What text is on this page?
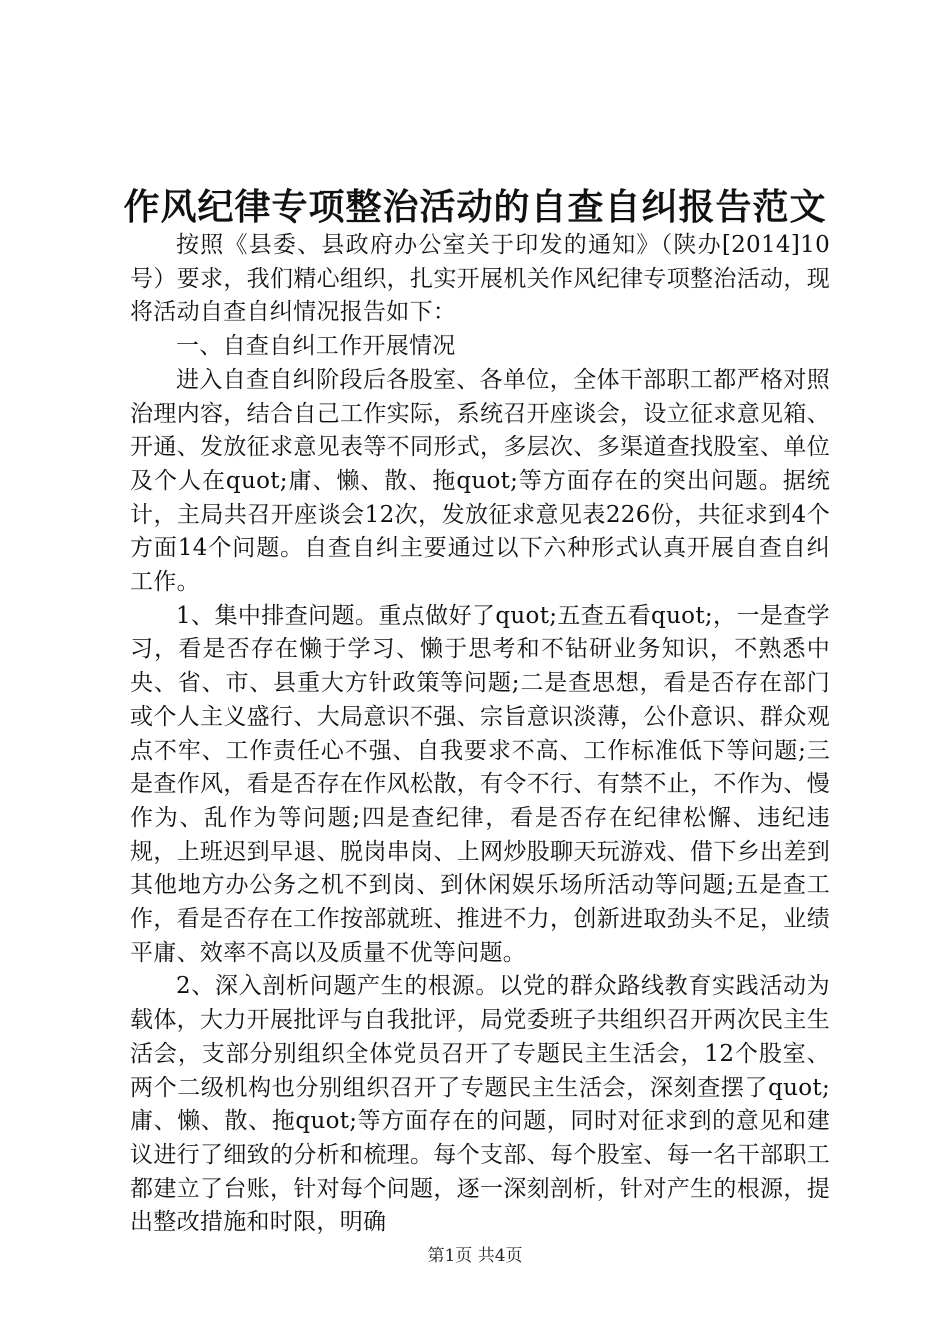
作风纪律专项整治活动的自查自纠报告范文

按照《县委、县政府办公室关于印发的通知》（陕办[2014]10号）要求，我们精心组织，扎实开展机关作风纪律专项整治活动，现将活动自查自纠情况报告如下：

一、自查自纠工作开展情况

进入自查自纠阶段后各股室、各单位，全体干部职工都严格对照治理内容，结合自己工作实际，系统召开座谈会，设立征求意见箱、开通、发放征求意见表等不同形式，多层次、多渠道查找股室、单位及个人在quot;庸、懒、散、拖quot;等方面存在的突出问题。据统计，主局共召开座谈会12次，发放征求意见表226份，共征求到4个方面14个问题。自查自纠主要通过以下六种形式认真开展自查自纠工作。

1、集中排查问题。重点做好了quot;五查五看quot;，一是查学习，看是否存在懒于学习、懒于思考和不钻研业务知识，不熟悉中央、省、市、县重大方针政策等问题;二是查思想，看是否存在部门或个人主义盛行、大局意识不强、宗旨意识淡薄，公仆意识、群众观点不牢、工作责任心不强、自我要求不高、工作标准低下等问题;三是查作风，看是否存在作风松散，有令不行、有禁不止，不作为、慢作为、乱作为等问题;四是查纪律，看是否存在纪律松懈、违纪违规，上班迟到早退、脱岗串岗、上网炒股聊天玩游戏、借下乡出差到其他地方办公务之机不到岗、到休闲娱乐场所活动等问题;五是查工作，看是否存在工作按部就班、推进不力，创新进取劲头不足，业绩平庸、效率不高以及质量不优等问题。

2、深入剖析问题产生的根源。以党的群众路线教育实践活动为载体，大力开展批评与自我批评，局党委班子共组织召开两次民主生活会，支部分别组织全体党员召开了专题民主生活会，12个股室、两个二级机构也分别组织召开了专题民主生活会，深刻查摆了quot;庸、懒、散、拖quot;等方面存在的问题，同时对征求到的意见和建议进行了细致的分析和梳理。每个支部、每个股室、每一名干部职工都建立了台账，针对每个问题，逐一深刻剖析，针对产生的根源，提出整改措施和时限，明确

第1页 共4页
